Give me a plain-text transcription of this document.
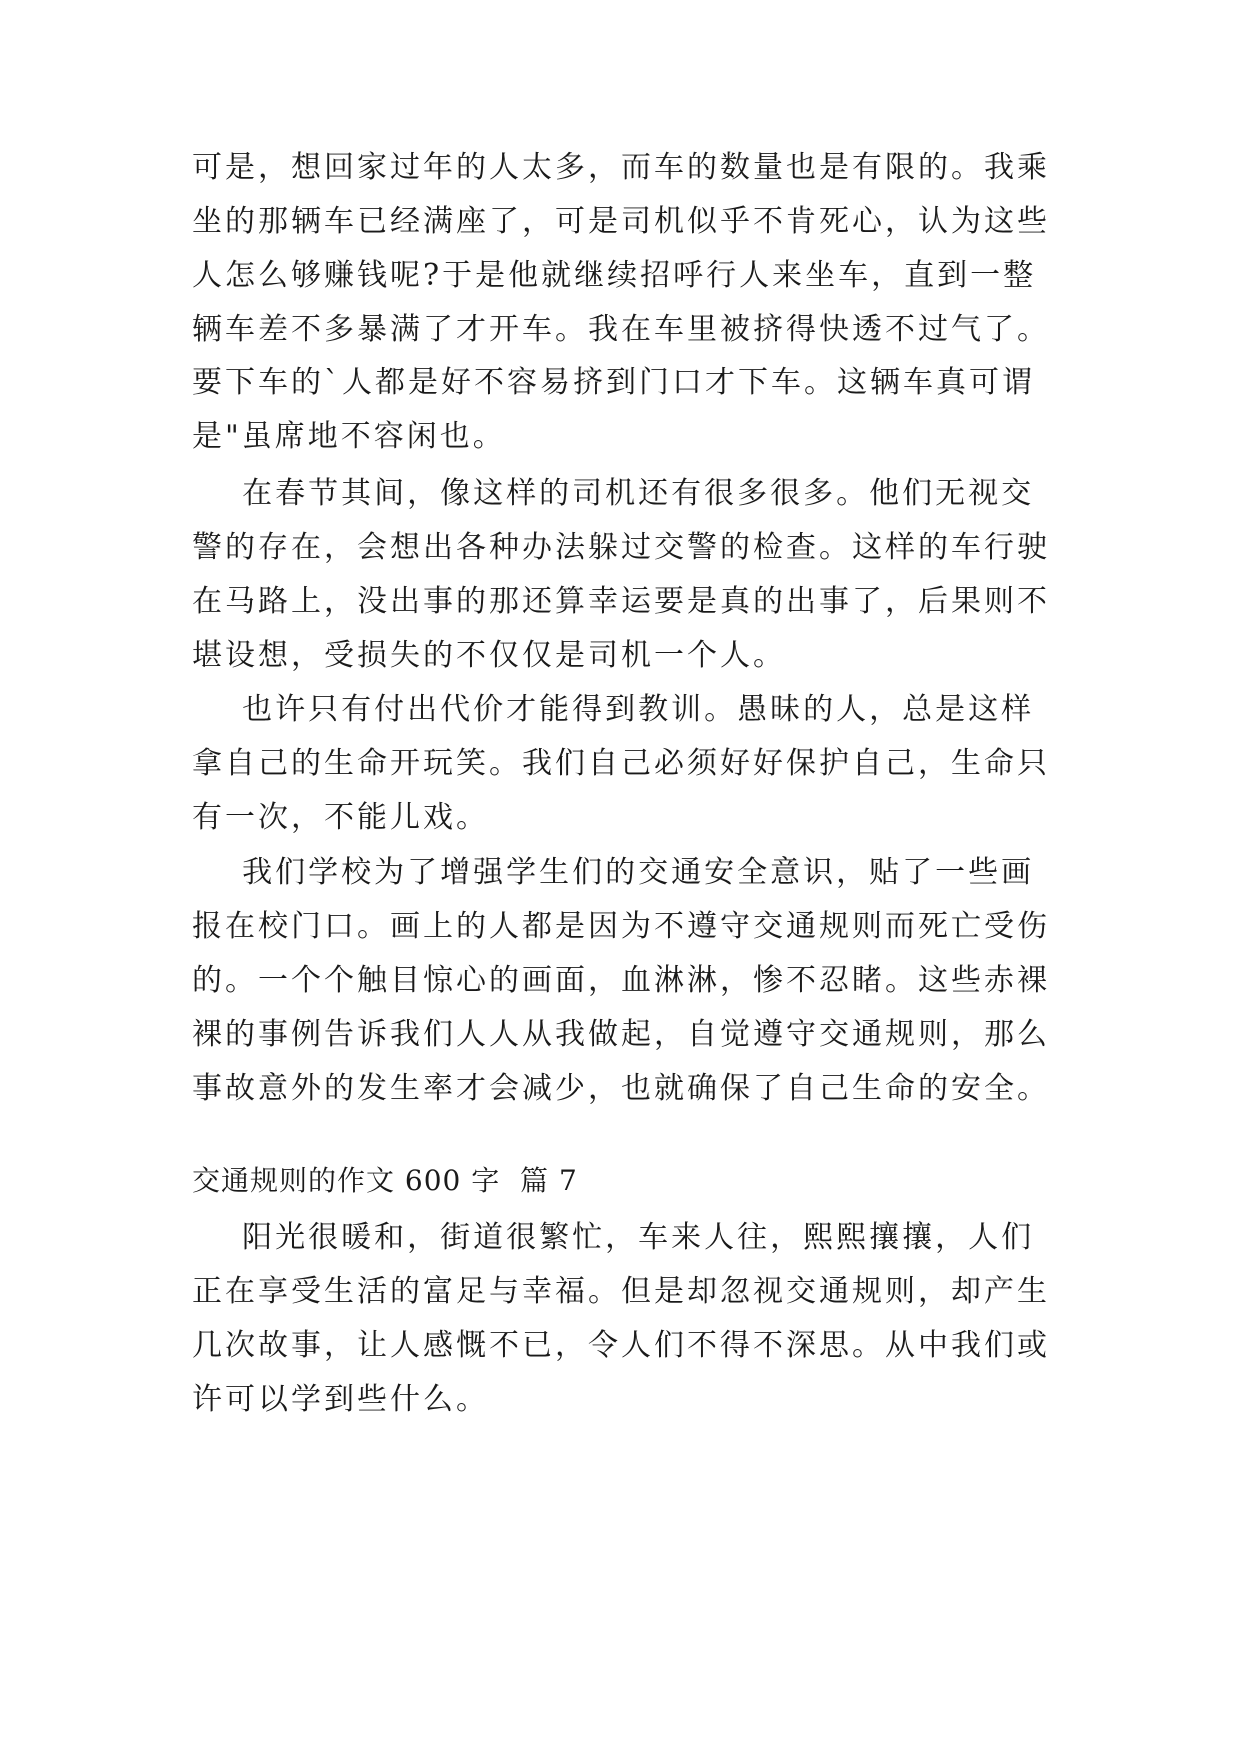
可是，想回家过年的人太多，而车的数量也是有限的。我乘
坐的那辆车已经满座了，可是司机似乎不肯死心，认为这些
人怎么够赚钱呢?于是他就继续招呼行人来坐车，直到一整
辆车差不多暴满了才开车。我在车里被挤得快透不过气了。
要下车的`人都是好不容易挤到门口才下车。这辆车真可谓
是"虽席地不容闲也。
在春节其间，像这样的司机还有很多很多。他们无视交
警的存在，会想出各种办法躲过交警的检查。这样的车行驶
在马路上，没出事的那还算幸运要是真的出事了，后果则不
堪设想，受损失的不仅仅是司机一个人。
也许只有付出代价才能得到教训。愚昧的人，总是这样
拿自己的生命开玩笑。我们自己必须好好保护自己，生命只
有一次，不能儿戏。
我们学校为了增强学生们的交通安全意识，贴了一些画
报在校门口。画上的人都是因为不遵守交通规则而死亡受伤
的。一个个触目惊心的画面，血淋淋，惨不忍睹。这些赤裸
裸的事例告诉我们人人从我做起，自觉遵守交通规则，那么
事故意外的发生率才会减少，也就确保了自己生命的安全。
交通规则的作文 600 字  篇 7
阳光很暖和，街道很繁忙，车来人往，熙熙攘攘，人们
正在享受生活的富足与幸福。但是却忽视交通规则，却产生
几次故事，让人感慨不已，令人们不得不深思。从中我们或
许可以学到些什么。
